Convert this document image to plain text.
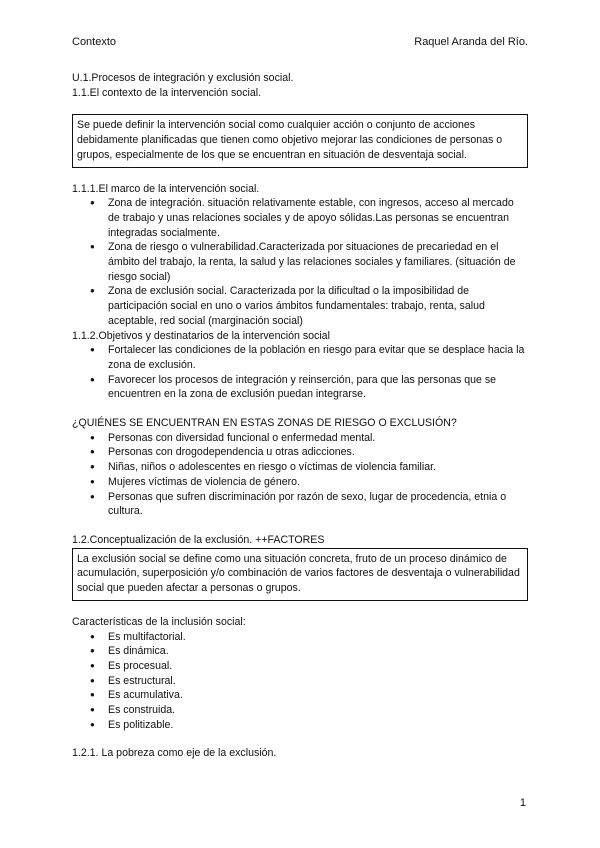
Contexto	Raquel Aranda del Río.

U.1.Procesos de integración y exclusión social.

1.1.El contexto de la intervención social.

Se puede definir la intervención social como cualquier acción o conjunto de acciones debidamente planificadas que tienen como objetivo mejorar las condiciones de personas o grupos, especialmente de los que se encuentran en situación de desventaja social.

1.1.1.El marco de la intervención social.

● Zona de integración. situación relativamente estable, con ingresos, acceso al mercado de trabajo y unas relaciones sociales y de apoyo sólidas.Las personas se encuentran integradas socialmente.
● Zona de riesgo o vulnerabilidad.Caracterizada por situaciones de precariedad en el ámbito del trabajo, la renta, la salud y las relaciones sociales y familiares. (situación de riesgo social)
● Zona de exclusión social. Caracterizada por la dificultad o la imposibilidad de participación social en uno o varios ámbitos fundamentales: trabajo, renta, salud aceptable, red social (marginación social)

1.1.2.Objetivos y destinatarios de la intervención social

● Fortalecer las condiciones de la población en riesgo para evitar que se desplace hacia la zona de exclusión.
● Favorecer los procesos de integración y reinserción, para que las personas que se encuentren en la zona de exclusión puedan integrarse.

¿QUIÉNES SE ENCUENTRAN EN ESTAS ZONAS DE RIESGO O EXCLUSIÓN?

● Personas con diversidad funcional o enfermedad mental.
● Personas con drogodependencia u otras adicciones.
● Niñas, niños o adolescentes en riesgo o víctimas de violencia familiar.
● Mujeres víctimas de violencia de género.
● Personas que sufren discriminación por razón de sexo, lugar de procedencia, etnia o cultura.

1.2.Conceptualización de la exclusión. ++FACTORES

La exclusión social se define como una situación concreta, fruto de un proceso dinámico de acumulación, superposición y/o combinación de varios factores de desventaja o vulnerabilidad social que pueden afectar a personas o grupos.

Características de la inclusión social:

● Es multifactorial.
● Es dinámica.
● Es procesual.
● Es estructural.
● Es acumulativa.
● Es construida.
● Es politizable.

1.2.1. La pobreza como eje de la exclusión.

1
